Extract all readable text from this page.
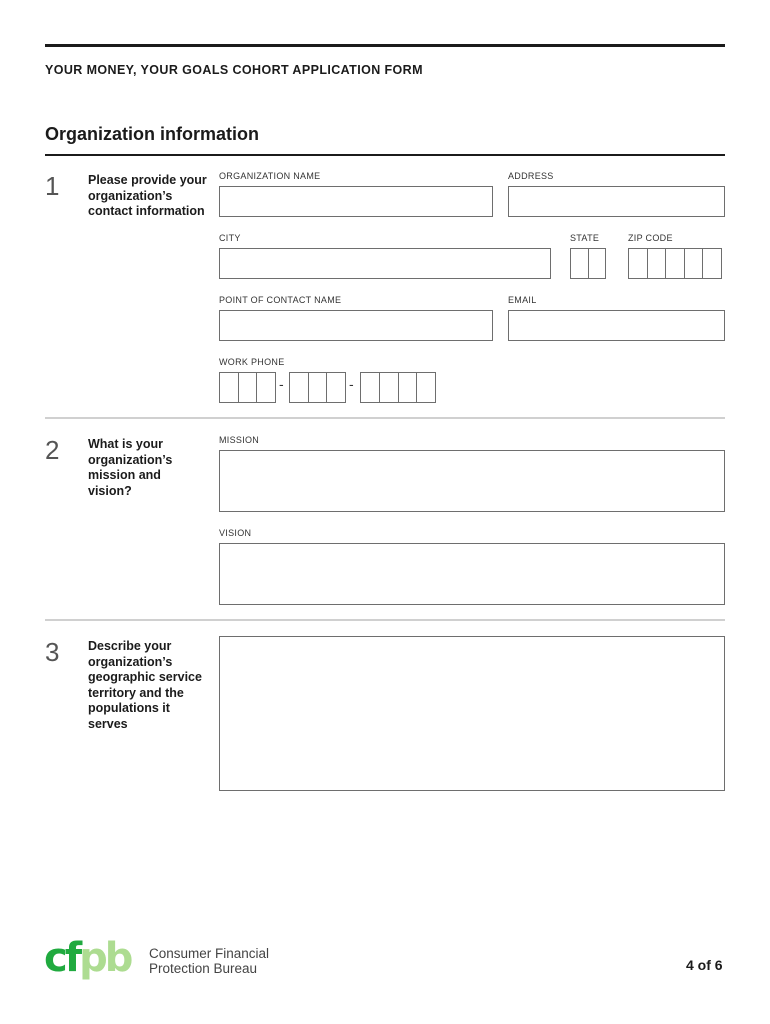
YOUR MONEY, YOUR GOALS COHORT APPLICATION FORM
Organization information
1 Please provide your organization’s contact information
ORGANIZATION NAME	ADDRESS
CITY	STATE	ZIP CODE
POINT OF CONTACT NAME	EMAIL
WORK PHONE
-	-
2 What is your organization’s mission and vision?
MISSION
VISION
3 Describe your organization’s geographic service territory and the populations it serves
cfpb Consumer Financial
Protection Bureau	4 of 6
